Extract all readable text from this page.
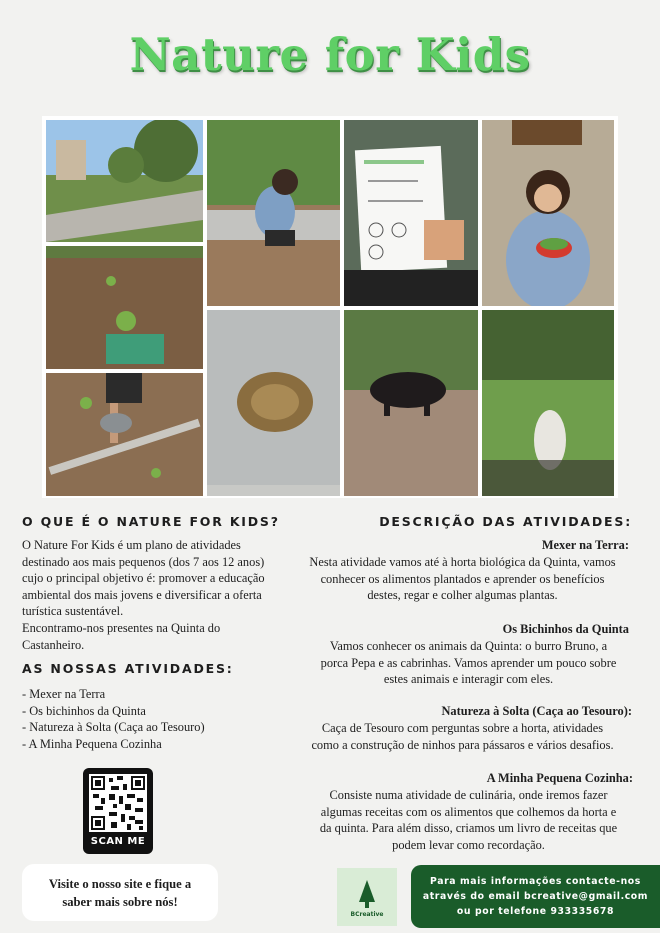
Nature for Kids
O QUE É O NATURE FOR KIDS?
O Nature For Kids é um plano de atividades
destinado aos mais pequenos (dos 7 aos 12 anos)
cujo o principal objetivo é: promover a educação
ambiental dos mais jovens e diversificar a oferta
turística sustentável.
Encontramo-nos presentes na Quinta do
Castanheiro.
AS NOSSAS ATIVIDADES:
- Mexer na Terra
- Os bichinhos da Quinta
- Natureza à Solta (Caça ao Tesouro)
- A Minha Pequena Cozinha
SCAN ME
Visite o nosso site e fique a
saber mais sobre nós!
DESCRIÇÃO DAS ATIVIDADES:
Mexer na Terra:
Nesta atividade vamos até à horta biológica da Quinta, vamos
conhecer os alimentos plantados e aprender os benefícios
destes, regar e colher algumas plantas.
Os Bichinhos da Quinta
Vamos conhecer os animais da Quinta: o burro Bruno, a
porca Pepa e as cabrinhas. Vamos aprender um pouco sobre
estes animais e interagir com eles.
Natureza à Solta (Caça ao Tesouro):
Caça de Tesouro com perguntas sobre a horta, atividades
como a construção de ninhos para pássaros e vários desafios.
A Minha Pequena Cozinha:
Consiste numa atividade de culinária, onde iremos fazer
algumas receitas com os alimentos que colhemos da horta e
da quinta. Para além disso, criamos um livro de receitas que
podem levar como recordação.
BCreative
Para mais informações contacte-nos
através do email bcreative@gmail.com
ou por telefone 933335678
